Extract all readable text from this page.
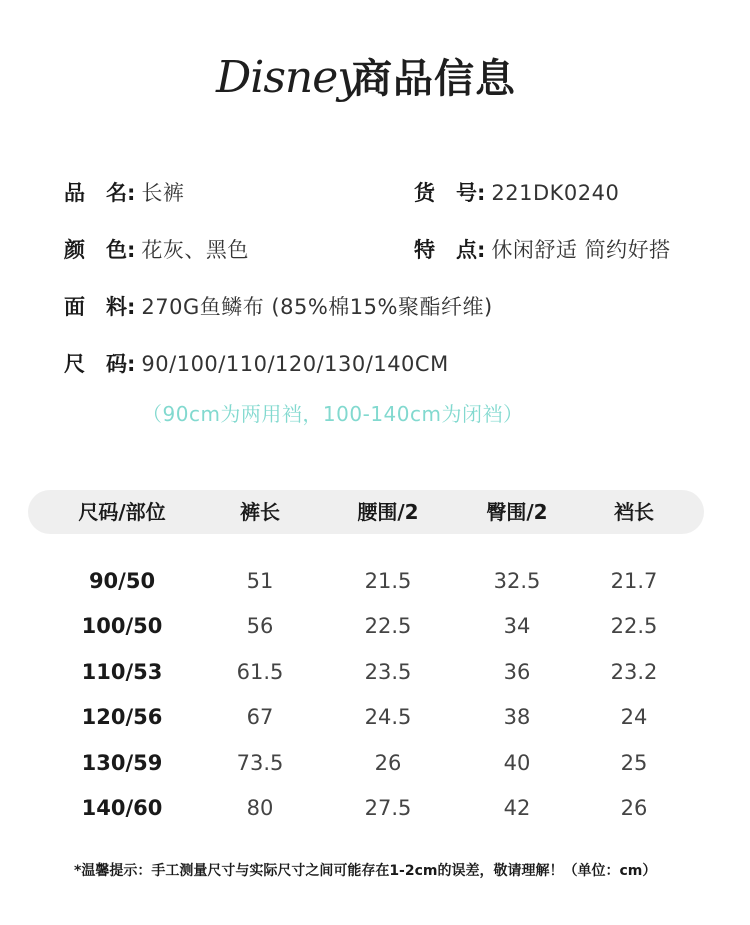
Disney
商品信息
品　名: 长裤	货　号: 221DK0240
颜　色: 花灰、黑色	特　点: 休闲舒适 简约好搭
面　料: 270G鱼鳞布 (85%棉15%聚酯纤维)
尺　码: 90/100/110/120/130/140CM
（90cm为两用裆，100-140cm为闭裆）
尺码/部位	裤长	腰围/2	臀围/2	裆长
90/50	51	21.5	32.5	21.7
100/50	56	22.5	34	22.5
110/53	61.5	23.5	36	23.2
120/56	67	24.5	38	24
130/59	73.5	26	40	25
140/60	80	27.5	42	26
*温馨提示：手工测量尺寸与实际尺寸之间可能存在1-2cm的误差，敬请理解！（单位：cm）
